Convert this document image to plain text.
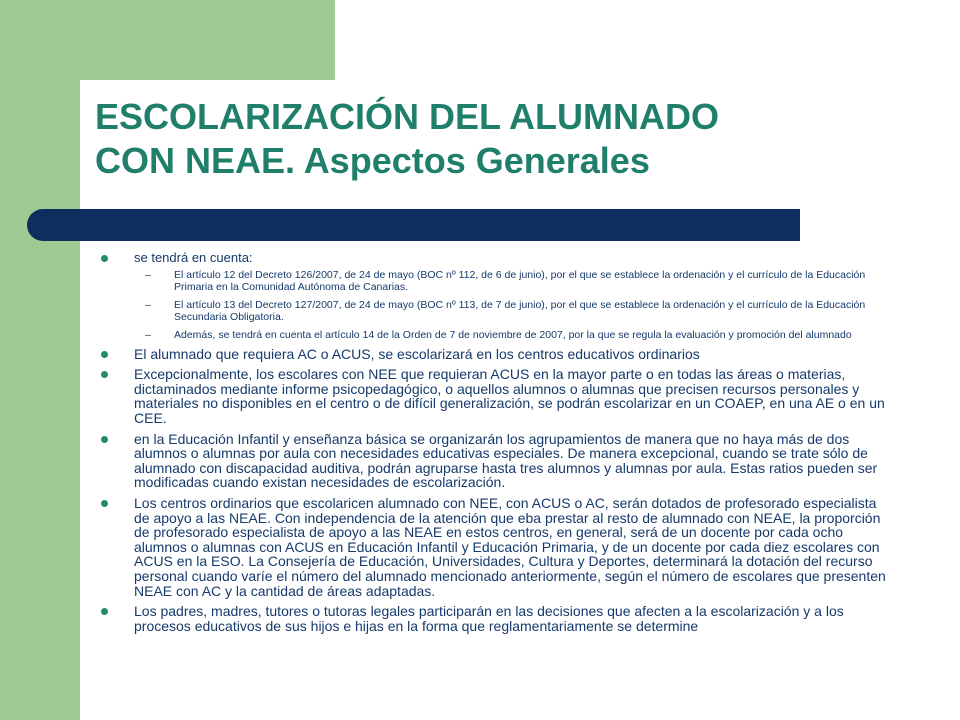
ESCOLARIZACIÓN DEL ALUMNADO
CON NEAE. Aspectos Generales
se tendrá en cuenta:
– El artículo 12 del Decreto 126/2007, de 24 de mayo (BOC nº 112, de 6 de junio), por el que se establece la ordenación y el currículo de la Educación Primaria en la Comunidad Autónoma de Canarias.
– El artículo 13 del Decreto 127/2007, de 24 de mayo (BOC nº 113, de 7 de junio), por el que se establece la ordenación y el currículo de la Educación Secundaria Obligatoria.
– Además, se tendrá en cuenta el artículo 14 de la Orden de 7 de noviembre de 2007, por la que se regula la evaluación y promoción del alumnado
El alumnado que requiera AC o ACUS, se escolarizará en los centros educativos ordinarios
Excepcionalmente, los escolares con NEE que requieran ACUS en la mayor parte o en todas las áreas o materias, dictaminados mediante informe psicopedagógico, o aquellos alumnos o alumnas que precisen recursos personales y materiales no disponibles en el centro o de difícil generalización, se podrán escolarizar en un COAEP, en una AE o en un CEE.
en la Educación Infantil y enseñanza básica se organizarán los agrupamientos de manera que no haya más de dos alumnos o alumnas por aula con necesidades educativas especiales. De manera excepcional, cuando se trate sólo de alumnado con discapacidad auditiva, podrán agruparse hasta tres alumnos y alumnas por aula. Estas ratios pueden ser modificadas cuando existan necesidades de escolarización.
Los centros ordinarios que escolaricen alumnado con NEE, con ACUS o AC, serán dotados de profesorado especialista de apoyo a las NEAE. Con independencia de la atención que eba prestar al resto de alumnado con NEAE, la proporción de profesorado especialista de apoyo a las NEAE en estos centros, en general, será de un docente por cada ocho alumnos o alumnas con ACUS en Educación Infantil y Educación Primaria, y de un docente por cada diez escolares con ACUS en la ESO. La Consejería de Educación, Universidades, Cultura y Deportes, determinará la dotación del recurso personal cuando varíe el número del alumnado mencionado anteriormente, según el número de escolares que presenten NEAE con AC y la cantidad de áreas adaptadas.
Los padres, madres, tutores o tutoras legales participarán en las decisiones que afecten a la escolarización y a los procesos educativos de sus hijos e hijas en la forma que reglamentariamente se determine
